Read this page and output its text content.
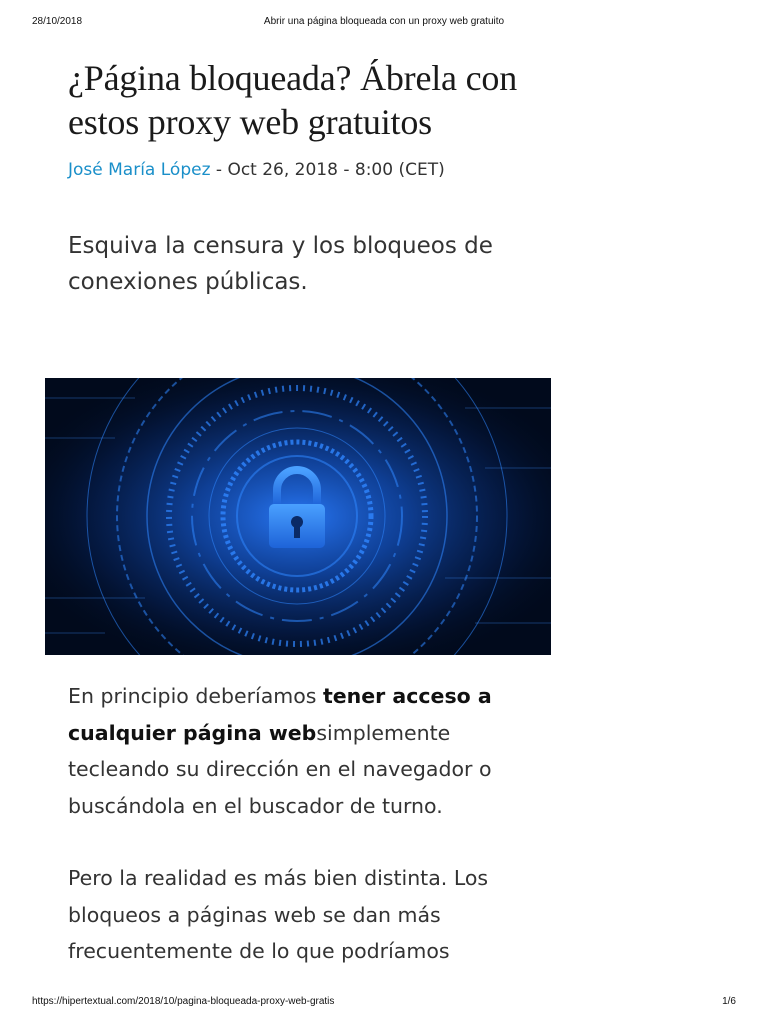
28/10/2018	Abrir una página bloqueada con un proxy web gratuito
¿Página bloqueada? Ábrela con estos proxy web gratuitos
José María López - Oct 26, 2018 - 8:00 (CET)
Esquiva la censura y los bloqueos de conexiones públicas.

En principio deberíamos tener acceso a cualquier página websimplemente tecleando su dirección en el navegador o buscándola en el buscador de turno.

Pero la realidad es más bien distinta. Los bloqueos a páginas web se dan más frecuentemente de lo que podríamos

https://hipertextual.com/2018/10/pagina-bloqueada-proxy-web-gratis	1/6
